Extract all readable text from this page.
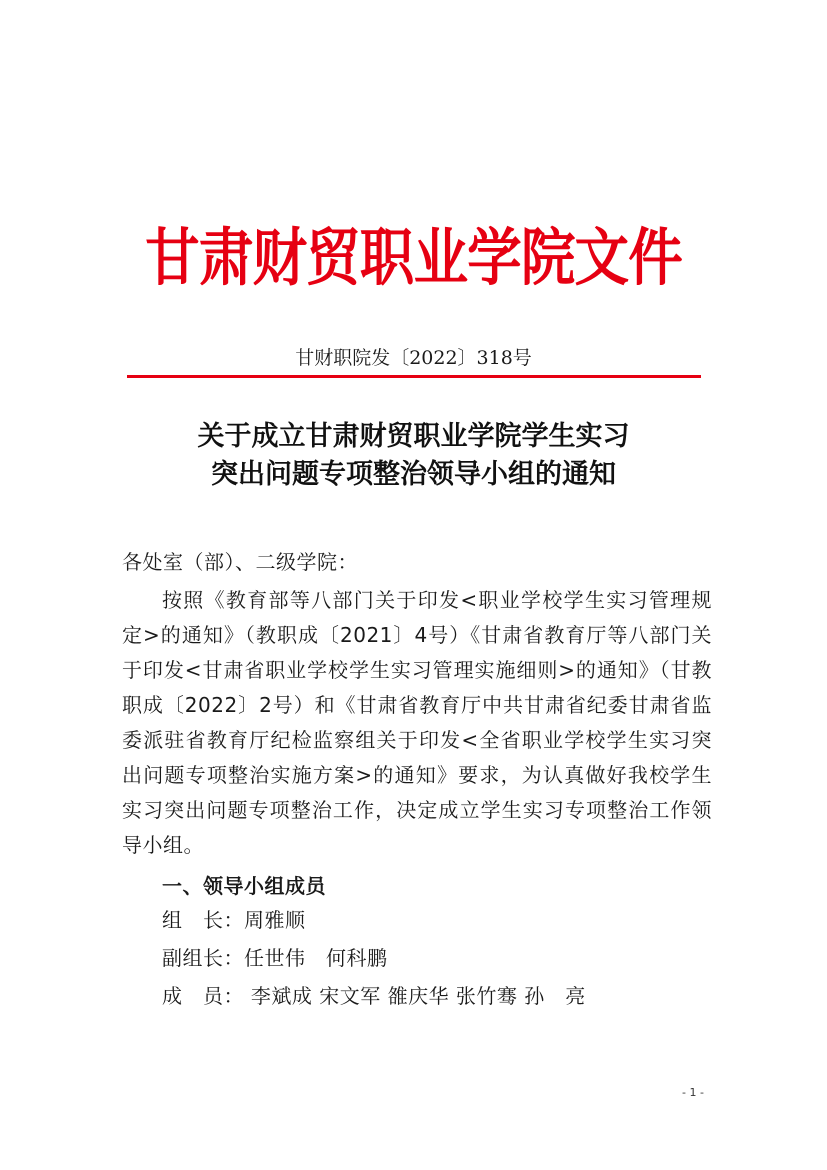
甘肃财贸职业学院文件
甘财职院发〔2022〕318号
关于成立甘肃财贸职业学院学生实习
突出问题专项整治领导小组的通知

各处室（部）、二级学院：

按照《教育部等八部门关于印发<职业学校学生实习管理规定>的通知》（教职成〔2021〕4号）《甘肃省教育厅等八部门关于印发<甘肃省职业学校学生实习管理实施细则>的通知》（甘教职成〔2022〕2号）和《甘肃省教育厅中共甘肃省纪委甘肃省监委派驻省教育厅纪检监察组关于印发<全省职业学校学生实习突出问题专项整治实施方案>的通知》要求，为认真做好我校学生实习突出问题专项整治工作，决定成立学生实习专项整治工作领导小组。

一、领导小组成员

组　长：周雅顺

副组长：任世伟　何科鹏

成　员： 李斌成 宋文军 雒庆华 张竹骞 孙　亮

- 1 -
